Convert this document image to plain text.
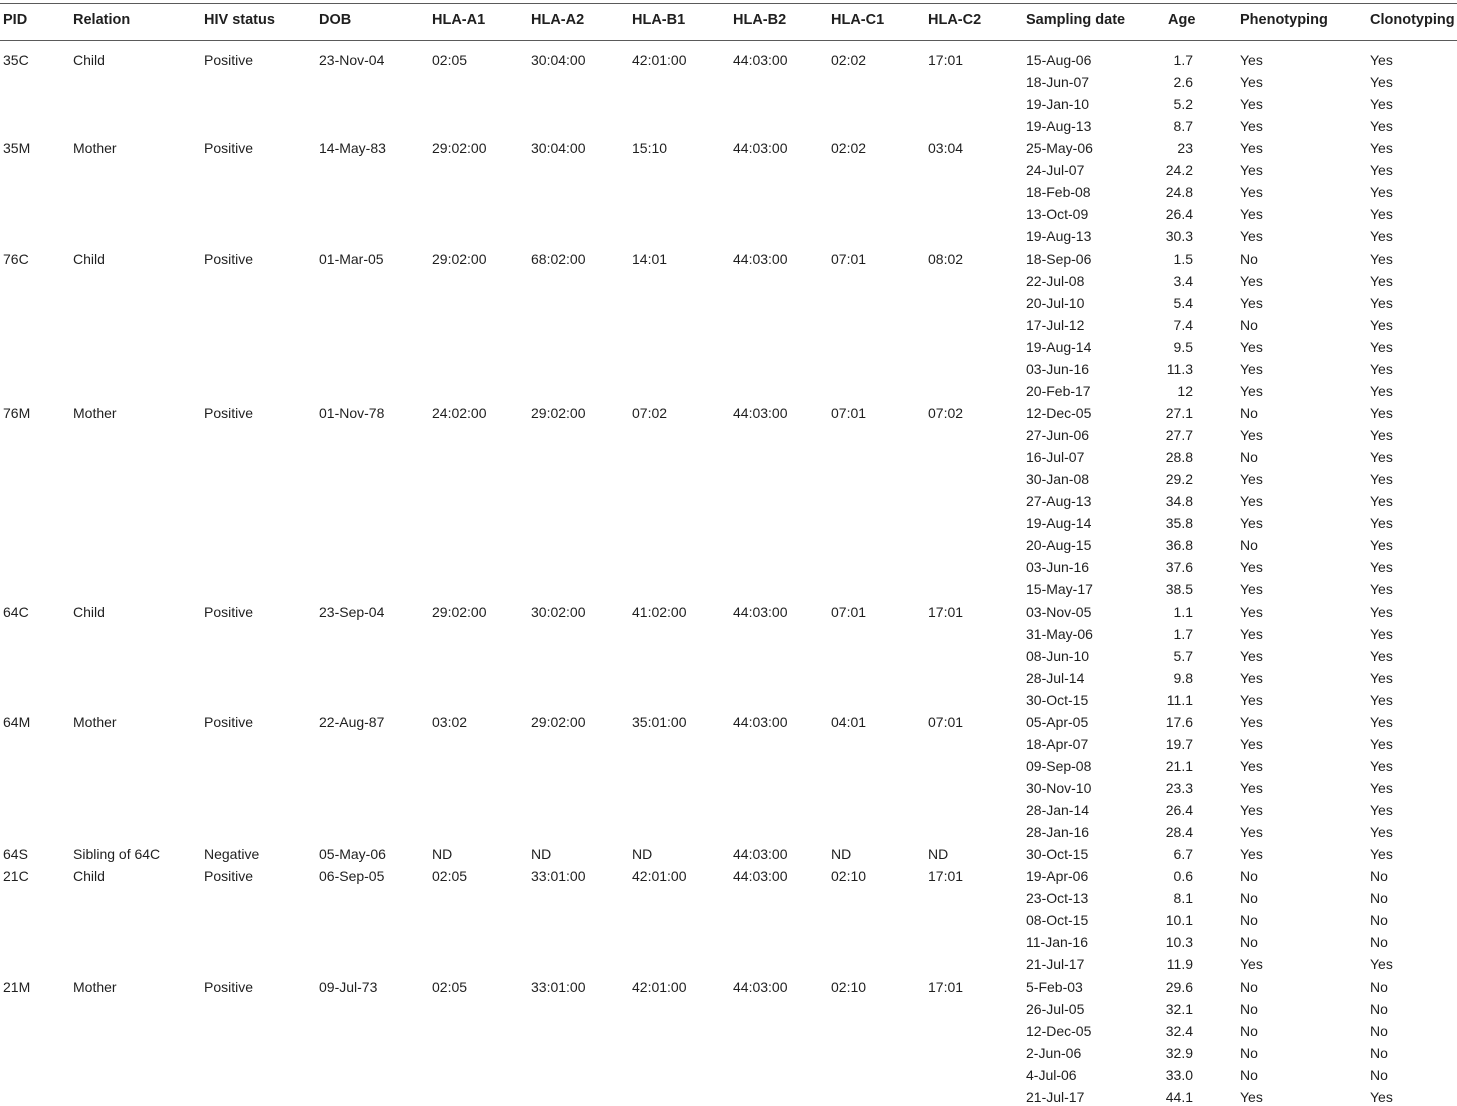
PID	Relation	HIV status	DOB	HLA-A1	HLA-A2	HLA-B1	HLA-B2	HLA-C1	HLA-C2	Sampling date	Age	Phenotyping	Clonotyping
35C	Child	Positive	23-Nov-04	02:05	30:04:00	42:01:00	44:03:00	02:02	17:01	15-Aug-06	1.7	Yes	Yes
18-Jun-07	2.6	Yes	Yes
19-Jan-10	5.2	Yes	Yes
19-Aug-13	8.7	Yes	Yes
35M	Mother	Positive	14-May-83	29:02:00	30:04:00	15:10	44:03:00	02:02	03:04	25-May-06	23	Yes	Yes
24-Jul-07	24.2	Yes	Yes
18-Feb-08	24.8	Yes	Yes
13-Oct-09	26.4	Yes	Yes
19-Aug-13	30.3	Yes	Yes
76C	Child	Positive	01-Mar-05	29:02:00	68:02:00	14:01	44:03:00	07:01	08:02	18-Sep-06	1.5	No	Yes
22-Jul-08	3.4	Yes	Yes
20-Jul-10	5.4	Yes	Yes
17-Jul-12	7.4	No	Yes
19-Aug-14	9.5	Yes	Yes
03-Jun-16	11.3	Yes	Yes
20-Feb-17	12	Yes	Yes
76M	Mother	Positive	01-Nov-78	24:02:00	29:02:00	07:02	44:03:00	07:01	07:02	12-Dec-05	27.1	No	Yes
27-Jun-06	27.7	Yes	Yes
16-Jul-07	28.8	No	Yes
30-Jan-08	29.2	Yes	Yes
27-Aug-13	34.8	Yes	Yes
19-Aug-14	35.8	Yes	Yes
20-Aug-15	36.8	No	Yes
03-Jun-16	37.6	Yes	Yes
15-May-17	38.5	Yes	Yes
64C	Child	Positive	23-Sep-04	29:02:00	30:02:00	41:02:00	44:03:00	07:01	17:01	03-Nov-05	1.1	Yes	Yes
31-May-06	1.7	Yes	Yes
08-Jun-10	5.7	Yes	Yes
28-Jul-14	9.8	Yes	Yes
30-Oct-15	11.1	Yes	Yes
64M	Mother	Positive	22-Aug-87	03:02	29:02:00	35:01:00	44:03:00	04:01	07:01	05-Apr-05	17.6	Yes	Yes
18-Apr-07	19.7	Yes	Yes
09-Sep-08	21.1	Yes	Yes
30-Nov-10	23.3	Yes	Yes
28-Jan-14	26.4	Yes	Yes
28-Jan-16	28.4	Yes	Yes
64S	Sibling of 64C	Negative	05-May-06	ND	ND	ND	44:03:00	ND	ND	30-Oct-15	6.7	Yes	Yes
21C	Child	Positive	06-Sep-05	02:05	33:01:00	42:01:00	44:03:00	02:10	17:01	19-Apr-06	0.6	No	No
23-Oct-13	8.1	No	No
08-Oct-15	10.1	No	No
11-Jan-16	10.3	No	No
21-Jul-17	11.9	Yes	Yes
21M	Mother	Positive	09-Jul-73	02:05	33:01:00	42:01:00	44:03:00	02:10	17:01	5-Feb-03	29.6	No	No
26-Jul-05	32.1	No	No
12-Dec-05	32.4	No	No
2-Jun-06	32.9	No	No
4-Jul-06	33.0	No	No
21-Jul-17	44.1	Yes	Yes
